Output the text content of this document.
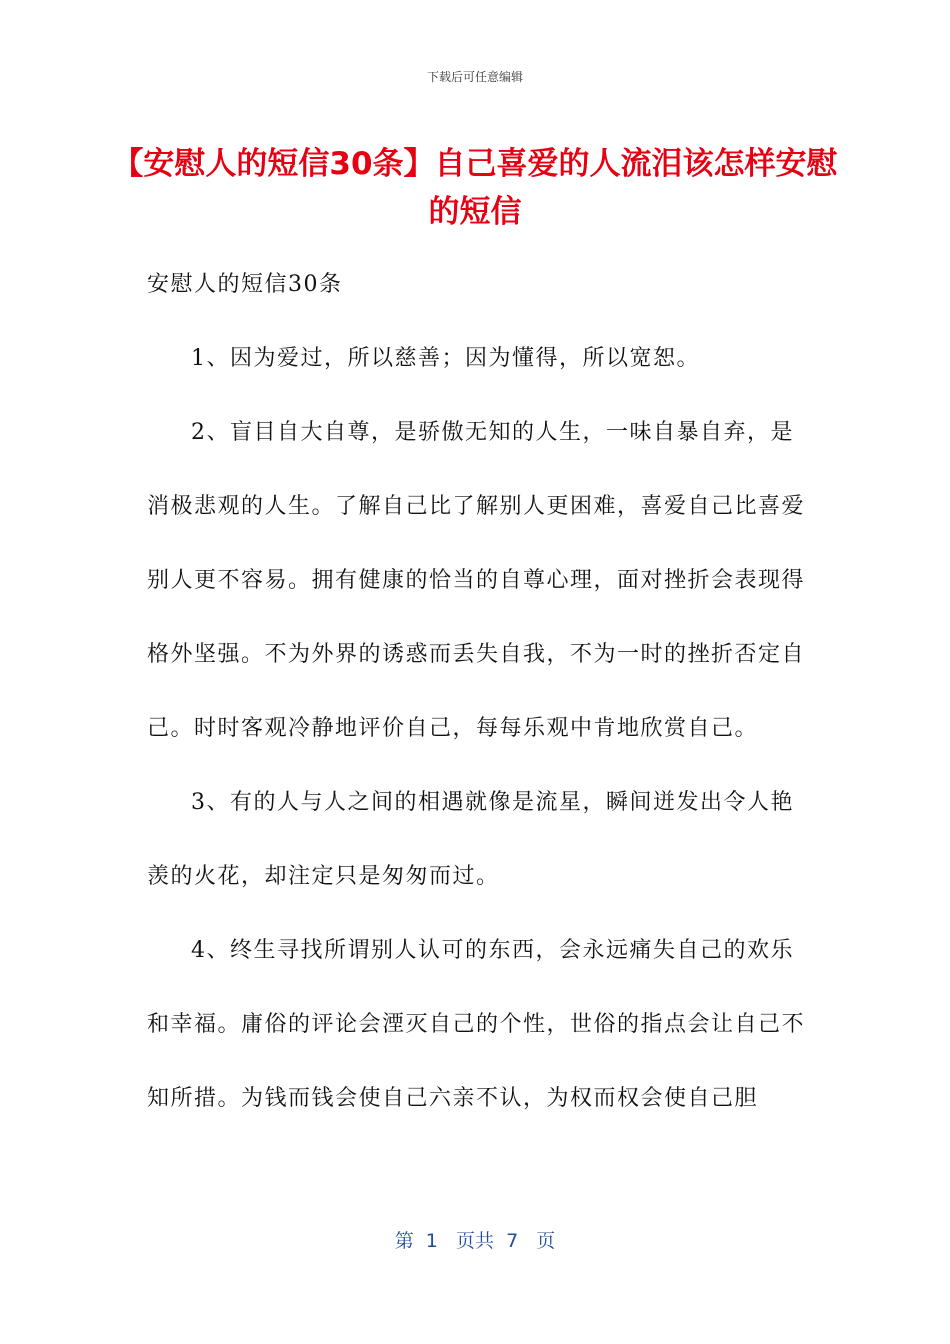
下载后可任意编辑
【安慰人的短信30条】自己喜爱的人流泪该怎样安慰的短信

安慰人的短信30条

1、因为爱过，所以慈善；因为懂得，所以宽恕。

2、盲目自大自尊，是骄傲无知的人生，一味自暴自弃，是消极悲观的人生。了解自己比了解别人更困难，喜爱自己比喜爱别人更不容易。拥有健康的恰当的自尊心理，面对挫折会表现得格外坚强。不为外界的诱惑而丢失自我，不为一时的挫折否定自己。时时客观冷静地评价自己，每每乐观中肯地欣赏自己。

3、有的人与人之间的相遇就像是流星，瞬间迸发出令人艳羡的火花，却注定只是匆匆而过。

4、终生寻找所谓别人认可的东西，会永远痛失自己的欢乐和幸福。庸俗的评论会湮灭自己的个性，世俗的指点会让自己不知所措。为钱而钱会使自己六亲不认，为权而权会使自己胆

第  1   页共  7   页
